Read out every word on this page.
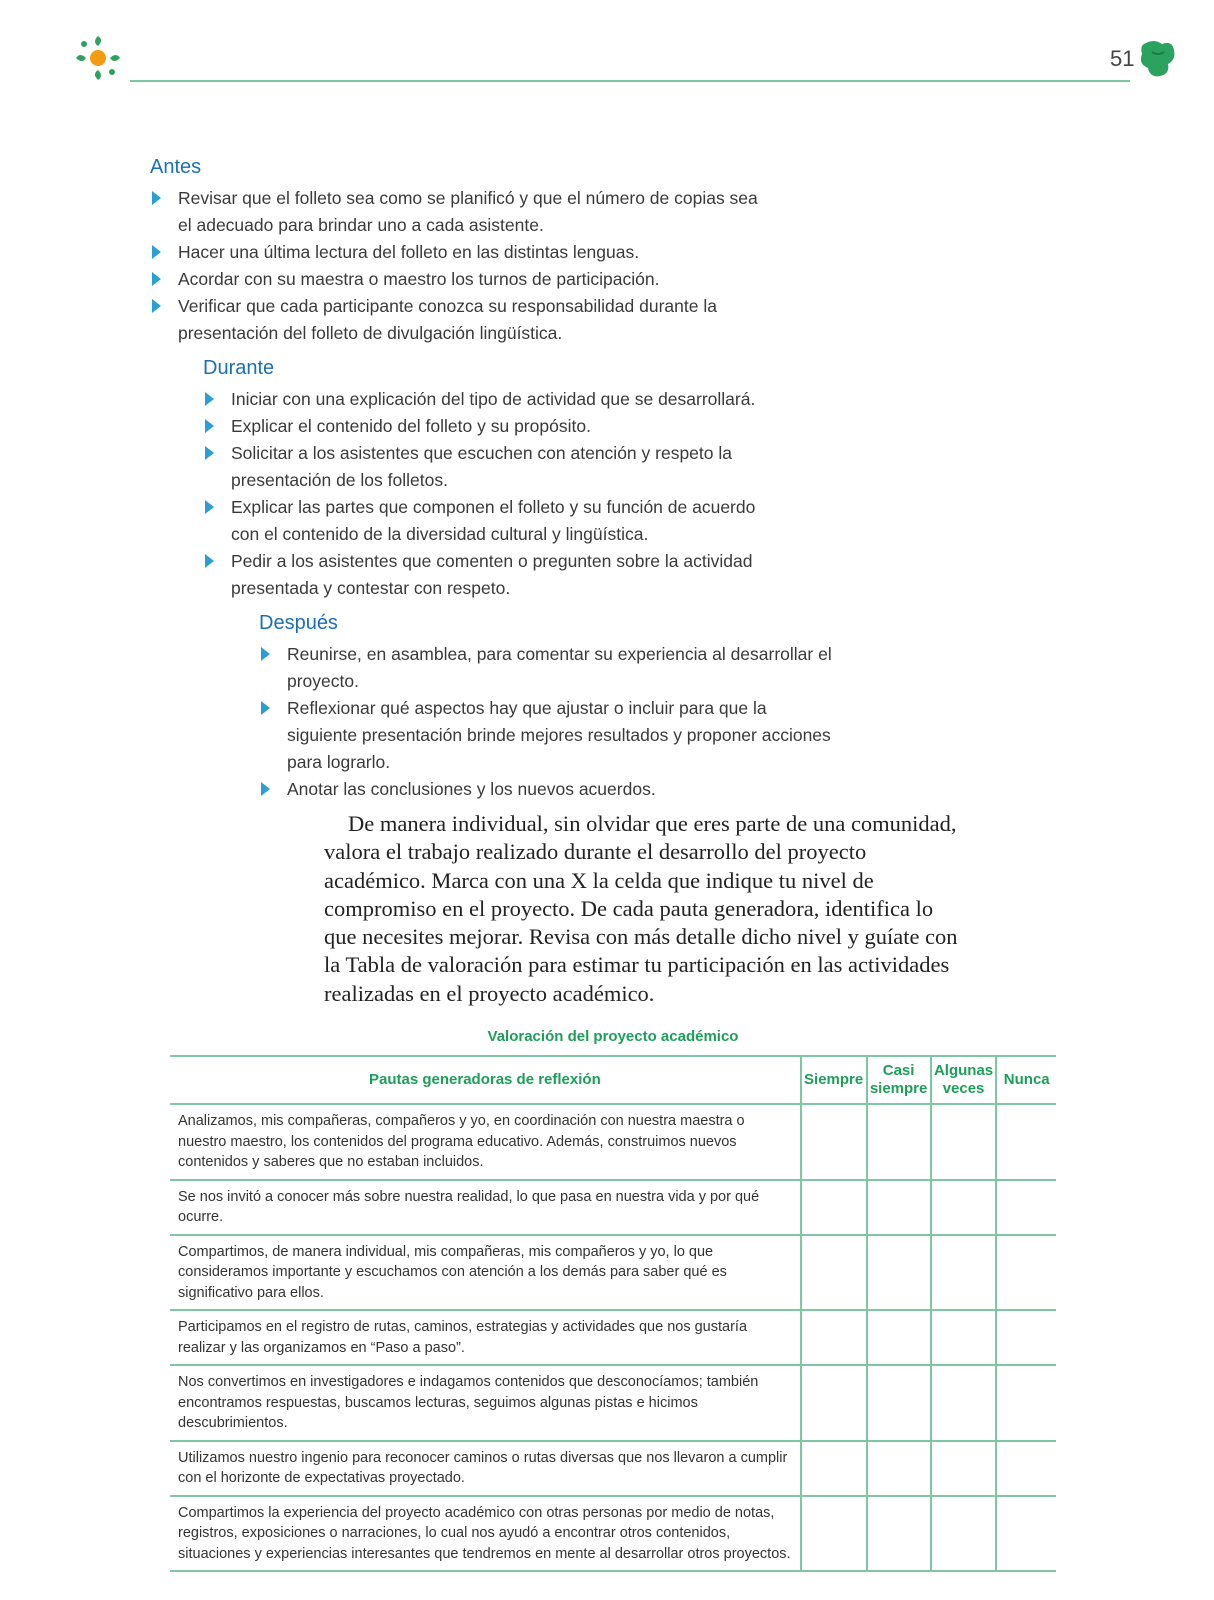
51
Antes
Revisar que el folleto sea como se planificó y que el número de copias sea el adecuado para brindar uno a cada asistente.
Hacer una última lectura del folleto en las distintas lenguas.
Acordar con su maestra o maestro los turnos de participación.
Verificar que cada participante conozca su responsabilidad durante la presentación del folleto de divulgación lingüística.
Durante
Iniciar con una explicación del tipo de actividad que se desarrollará.
Explicar el contenido del folleto y su propósito.
Solicitar a los asistentes que escuchen con atención y respeto la presentación de los folletos.
Explicar las partes que componen el folleto y su función de acuerdo con el contenido de la diversidad cultural y lingüística.
Pedir a los asistentes que comenten o pregunten sobre la actividad presentada y contestar con respeto.
Después
Reunirse, en asamblea, para comentar su experiencia al desarrollar el proyecto.
Reflexionar qué aspectos hay que ajustar o incluir para que la siguiente presentación brinde mejores resultados y proponer acciones para lograrlo.
Anotar las conclusiones y los nuevos acuerdos.

De manera individual, sin olvidar que eres parte de una comunidad, valora el trabajo realizado durante el desarrollo del proyecto académico. Marca con una X la celda que indique tu nivel de compromiso en el proyecto. De cada pauta generadora, identifica lo que necesites mejorar. Revisa con más detalle dicho nivel y guíate con la Tabla de valoración para estimar tu participación en las actividades realizadas en el proyecto académico.

Valoración del proyecto académico
Pautas generadoras de reflexión	Siempre	Casi siempre	Algunas veces	Nunca
Analizamos, mis compañeras, compañeros y yo, en coordinación con nuestra maestra o nuestro maestro, los contenidos del programa educativo. Además, construimos nuevos contenidos y saberes que no estaban incluidos.				
Se nos invitó a conocer más sobre nuestra realidad, lo que pasa en nuestra vida y por qué ocurre.				
Compartimos, de manera individual, mis compañeras, mis compañeros y yo, lo que consideramos importante y escuchamos con atención a los demás para saber qué es significativo para ellos.				
Participamos en el registro de rutas, caminos, estrategias y actividades que nos gustaría realizar y las organizamos en “Paso a paso”.				
Nos convertimos en investigadores e indagamos contenidos que desconocíamos; también encontramos respuestas, buscamos lecturas, seguimos algunas pistas e hicimos descubrimientos.				
Utilizamos nuestro ingenio para reconocer caminos o rutas diversas que nos llevaron a cumplir con el horizonte de expectativas proyectado.				
Compartimos la experiencia del proyecto académico con otras personas por medio de notas, registros, exposiciones o narraciones, lo cual nos ayudó a encontrar otros contenidos, situaciones y experiencias interesantes que tendremos en mente al desarrollar otros proyectos.				
